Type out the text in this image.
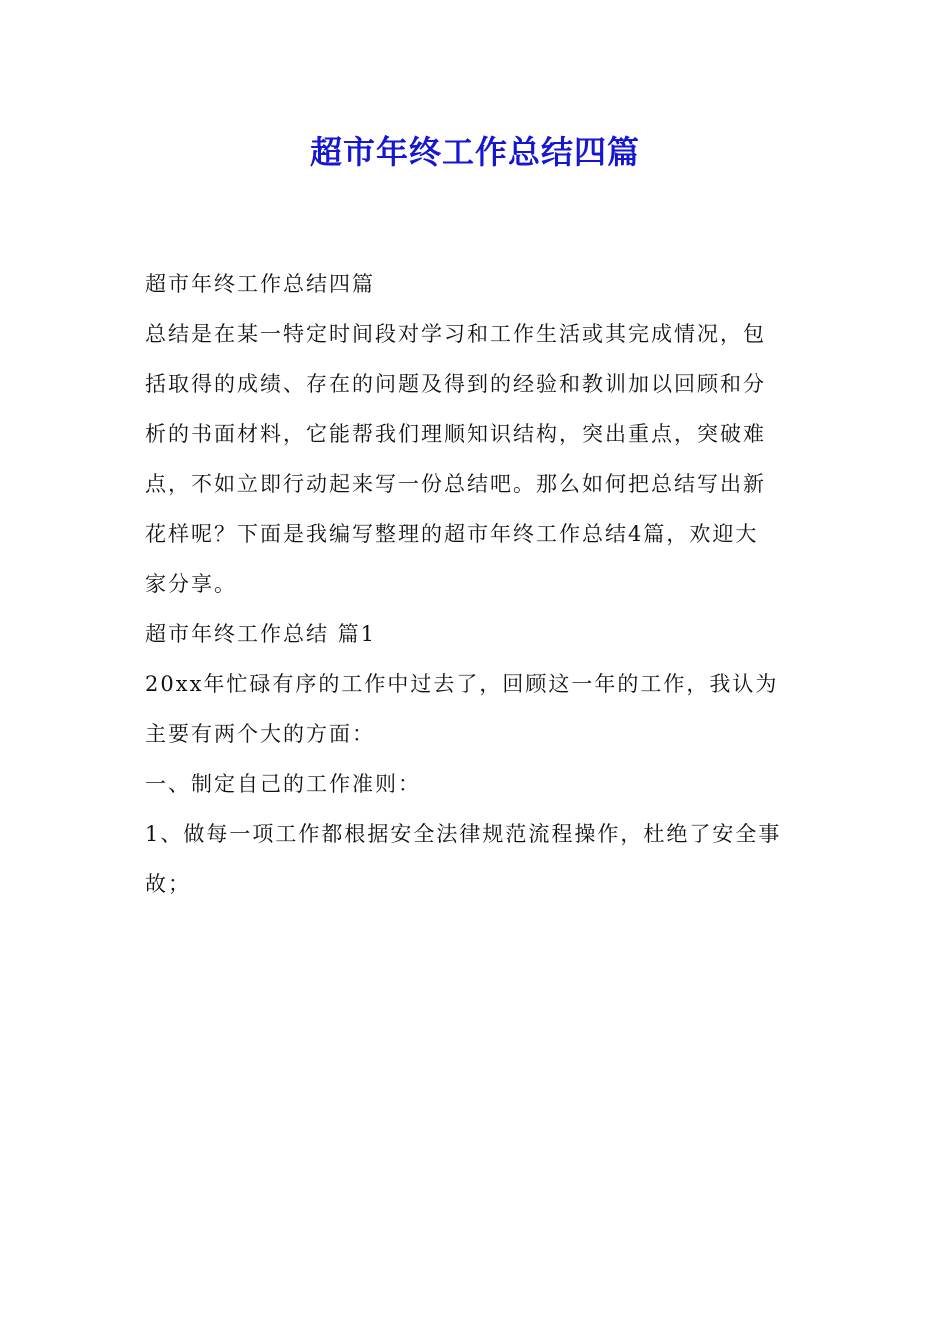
超市年终工作总结四篇
超市年终工作总结四篇
总结是在某一特定时间段对学习和工作生活或其完成情况，包
括取得的成绩、存在的问题及得到的经验和教训加以回顾和分
析的书面材料，它能帮我们理顺知识结构，突出重点，突破难
点，不如立即行动起来写一份总结吧。那么如何把总结写出新
花样呢？下面是我编写整理的超市年终工作总结4篇，欢迎大
家分享。
超市年终工作总结 篇1
20xx年忙碌有序的工作中过去了，回顾这一年的工作，我认为
主要有两个大的方面：
一、制定自己的工作准则：
1、做每一项工作都根据安全法律规范流程操作，杜绝了安全事
故；
